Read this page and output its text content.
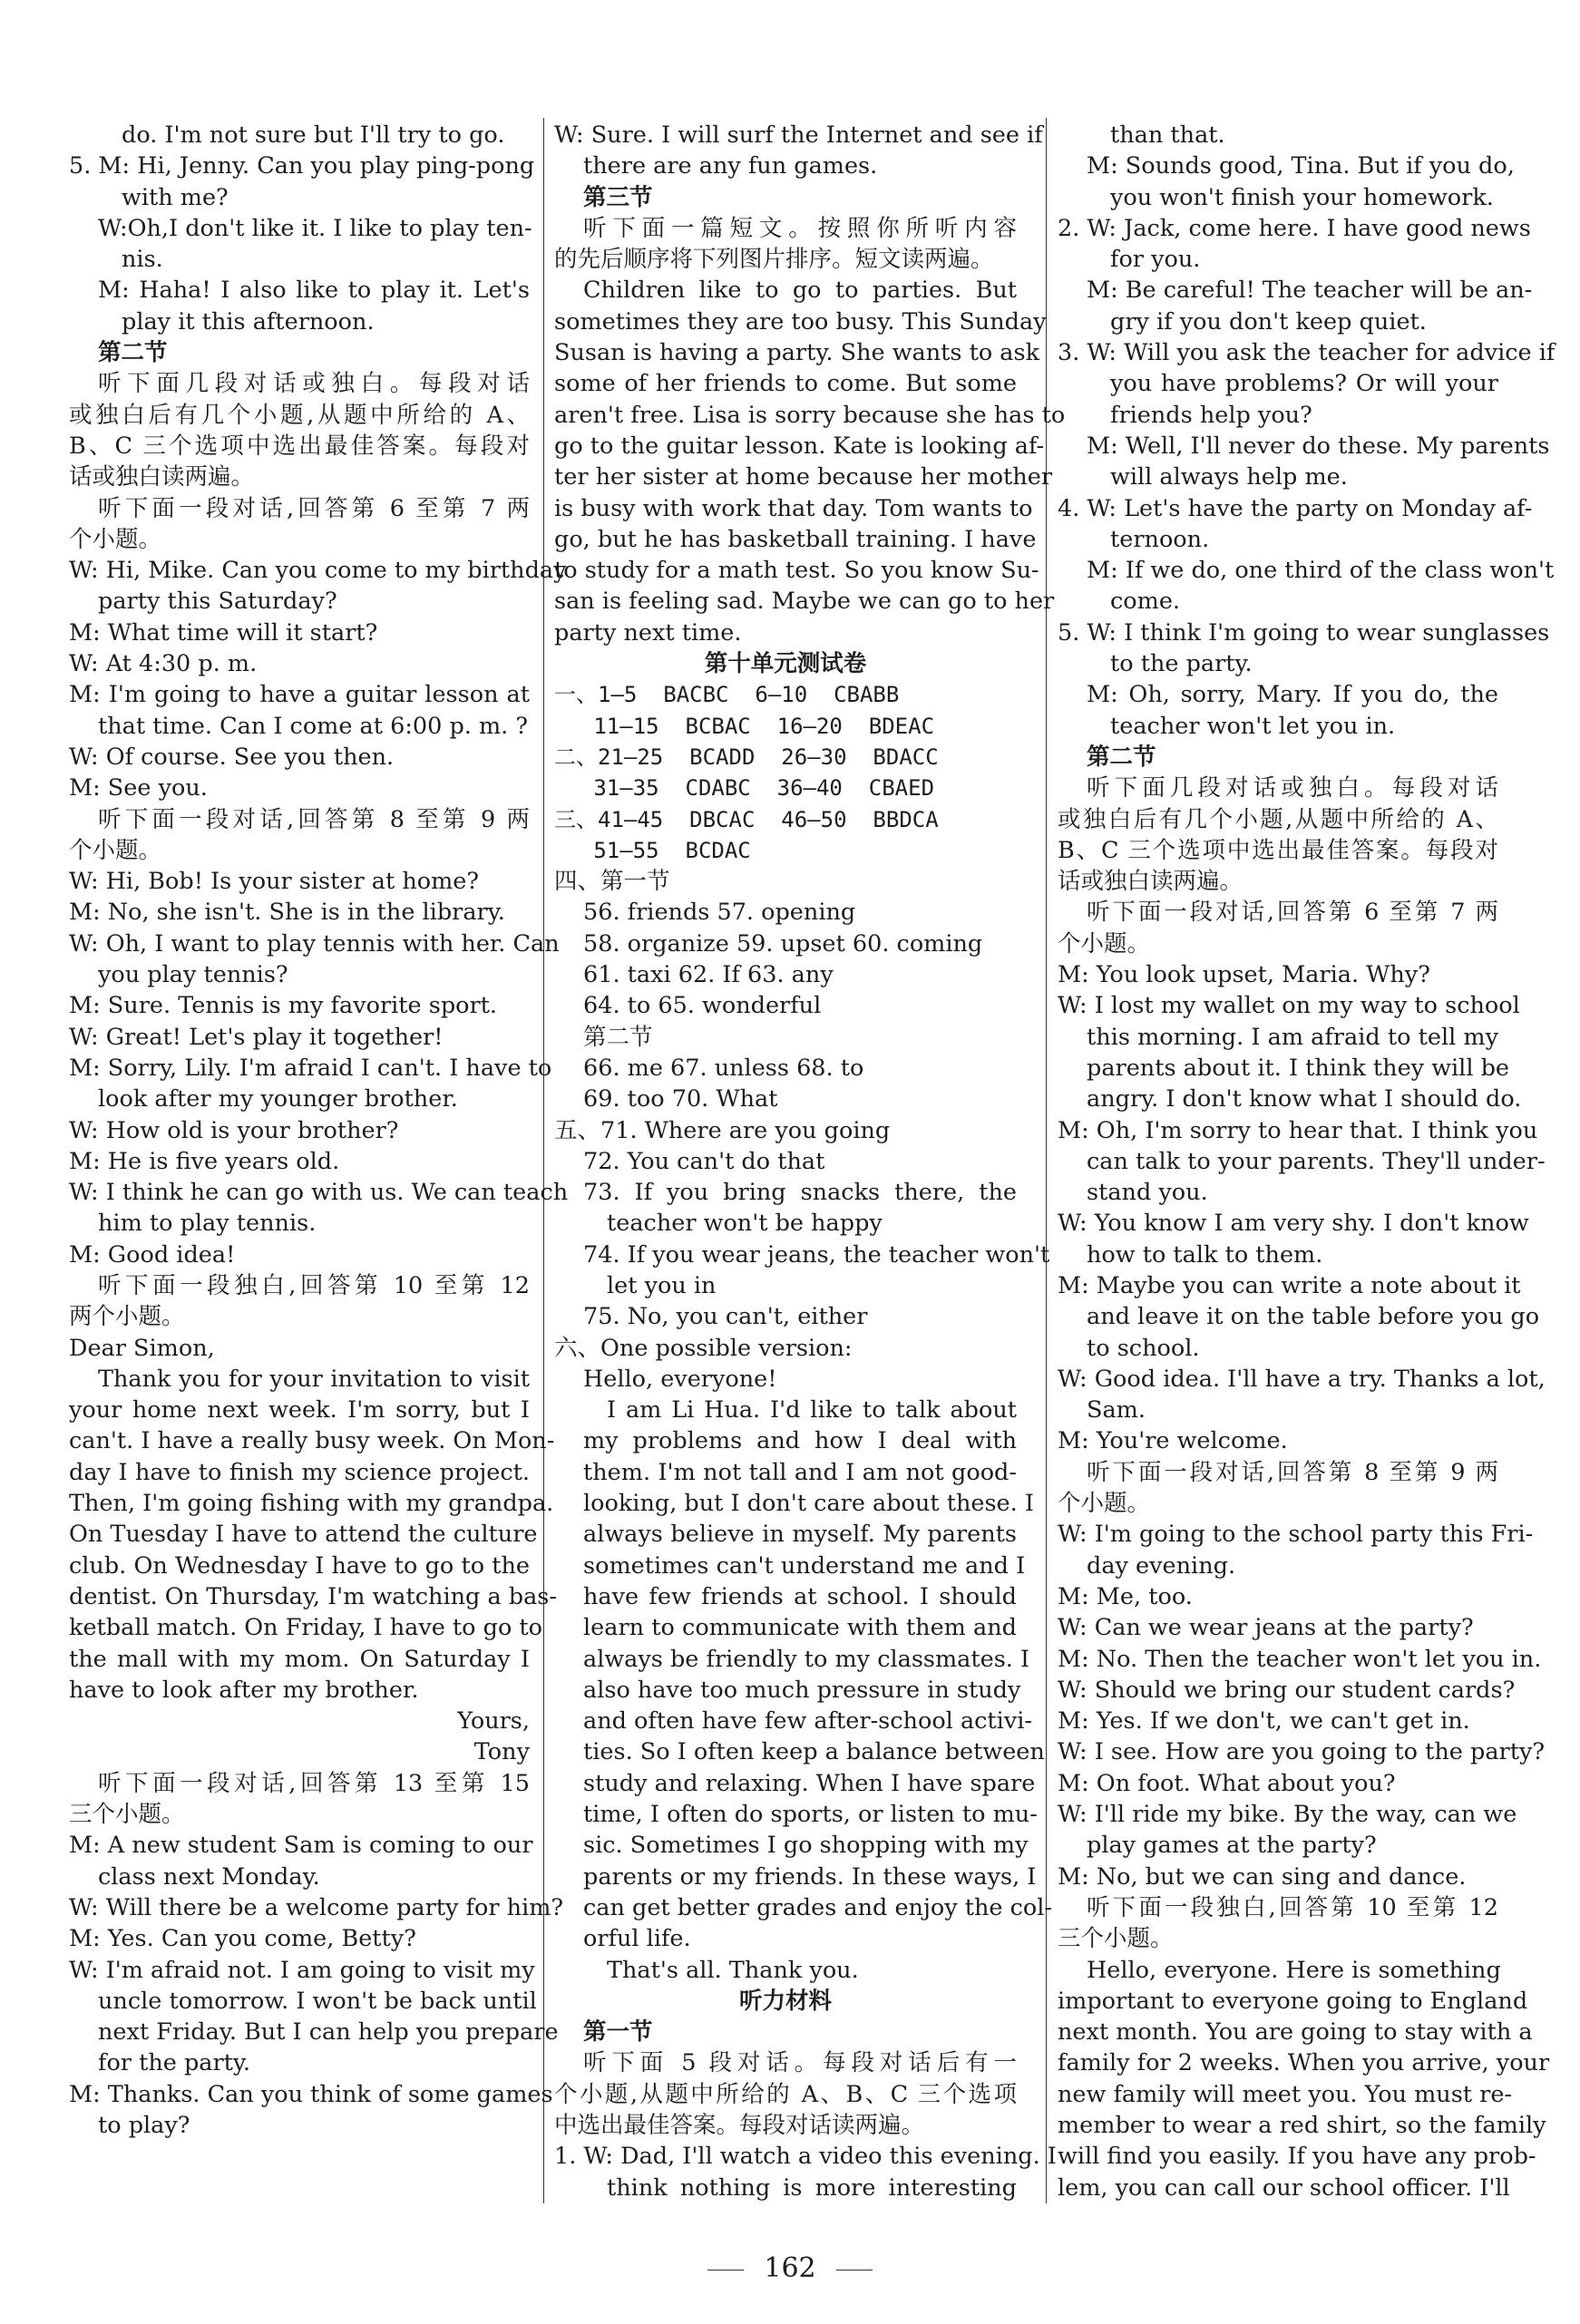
do. I'm not sure but I'll try to go.
5. M: Hi, Jenny. Can you play ping-pong
with me?
W:Oh,I don't like it. I like to play ten-
nis.
M: Haha! I also like to play it. Let's
play it this afternoon.
第二节
听下面几段对话或独白。每段对话
或独白后有几个小题,从题中所给的 A、
B、C 三个选项中选出最佳答案。每段对
话或独白读两遍。
听下面一段对话,回答第 6 至第 7 两
个小题。
W: Hi, Mike. Can you come to my birthday
party this Saturday?
M: What time will it start?
W: At 4:30 p. m.
M: I'm going to have a guitar lesson at
that time. Can I come at 6:00 p. m. ?
W: Of course. See you then.
M: See you.
听下面一段对话,回答第 8 至第 9 两
个小题。
W: Hi, Bob! Is your sister at home?
M: No, she isn't. She is in the library.
W: Oh, I want to play tennis with her. Can
you play tennis?
M: Sure. Tennis is my favorite sport.
W: Great! Let's play it together!
M: Sorry, Lily. I'm afraid I can't. I have to
look after my younger brother.
W: How old is your brother?
M: He is five years old.
W: I think he can go with us. We can teach
him to play tennis.
M: Good idea!
听下面一段独白,回答第 10 至第 12
两个小题。
Dear Simon,
Thank you for your invitation to visit
your home next week. I'm sorry, but I
can't. I have a really busy week. On Mon-
day I have to finish my science project.
Then, I'm going fishing with my grandpa.
On Tuesday I have to attend the culture
club. On Wednesday I have to go to the
dentist. On Thursday, I'm watching a bas-
ketball match. On Friday, I have to go to
the mall with my mom. On Saturday I
have to look after my brother.
Yours,
Tony
听下面一段对话,回答第 13 至第 15
三个小题。
M: A new student Sam is coming to our
class next Monday.
W: Will there be a welcome party for him?
M: Yes. Can you come, Betty?
W: I'm afraid not. I am going to visit my
uncle tomorrow. I won't be back until
next Friday. But I can help you prepare
for the party.
M: Thanks. Can you think of some games
to play?
W: Sure. I will surf the Internet and see if
there are any fun games.
第三节
听下面一篇短文。按照你所听内容
的先后顺序将下列图片排序。短文读两遍。
Children like to go to parties. But
sometimes they are too busy. This Sunday
Susan is having a party. She wants to ask
some of her friends to come. But some
aren't free. Lisa is sorry because she has to
go to the guitar lesson. Kate is looking af-
ter her sister at home because her mother
is busy with work that day. Tom wants to
go, but he has basketball training. I have
to study for a math test. So you know Su-
san is feeling sad. Maybe we can go to her
party next time.
第十单元测试卷
一、1—5  BACBC  6—10  CBABB
11—15  BCBAC  16—20  BDEAC
二、21—25  BCADD  26—30  BDACC
31—35  CDABC  36—40  CBAED
三、41—45  DBCAC  46—50  BBDCA
51—55  BCDAC
四、第一节
56. friends 57. opening
58. organize 59. upset 60. coming
61. taxi 62. If 63. any
64. to 65. wonderful
第二节
66. me 67. unless 68. to
69. too 70. What
五、71. Where are you going
72. You can't do that
73. If you bring snacks there, the
teacher won't be happy
74. If you wear jeans, the teacher won't
let you in
75. No, you can't, either
六、One possible version:
Hello, everyone!
I am Li Hua. I'd like to talk about
my problems and how I deal with
them. I'm not tall and I am not good-
looking, but I don't care about these. I
always believe in myself. My parents
sometimes can't understand me and I
have few friends at school. I should
learn to communicate with them and
always be friendly to my classmates. I
also have too much pressure in study
and often have few after-school activi-
ties. So I often keep a balance between
study and relaxing. When I have spare
time, I often do sports, or listen to mu-
sic. Sometimes I go shopping with my
parents or my friends. In these ways, I
can get better grades and enjoy the col-
orful life.
That's all. Thank you.
听力材料
第一节
听下面 5 段对话。每段对话后有一
个小题,从题中所给的 A、B、C 三个选项
中选出最佳答案。每段对话读两遍。
1. W: Dad, I'll watch a video this evening. I
think nothing is more interesting
than that.
M: Sounds good, Tina. But if you do,
you won't finish your homework.
2. W: Jack, come here. I have good news
for you.
M: Be careful! The teacher will be an-
gry if you don't keep quiet.
3. W: Will you ask the teacher for advice if
you have problems? Or will your
friends help you?
M: Well, I'll never do these. My parents
will always help me.
4. W: Let's have the party on Monday af-
ternoon.
M: If we do, one third of the class won't
come.
5. W: I think I'm going to wear sunglasses
to the party.
M: Oh, sorry, Mary. If you do, the
teacher won't let you in.
第二节
听下面几段对话或独白。每段对话
或独白后有几个小题,从题中所给的 A、
B、C 三个选项中选出最佳答案。每段对
话或独白读两遍。
听下面一段对话,回答第 6 至第 7 两
个小题。
M: You look upset, Maria. Why?
W: I lost my wallet on my way to school
this morning. I am afraid to tell my
parents about it. I think they will be
angry. I don't know what I should do.
M: Oh, I'm sorry to hear that. I think you
can talk to your parents. They'll under-
stand you.
W: You know I am very shy. I don't know
how to talk to them.
M: Maybe you can write a note about it
and leave it on the table before you go
to school.
W: Good idea. I'll have a try. Thanks a lot,
Sam.
M: You're welcome.
听下面一段对话,回答第 8 至第 9 两
个小题。
W: I'm going to the school party this Fri-
day evening.
M: Me, too.
W: Can we wear jeans at the party?
M: No. Then the teacher won't let you in.
W: Should we bring our student cards?
M: Yes. If we don't, we can't get in.
W: I see. How are you going to the party?
M: On foot. What about you?
W: I'll ride my bike. By the way, can we
play games at the party?
M: No, but we can sing and dance.
听下面一段独白,回答第 10 至第 12
三个小题。
Hello, everyone. Here is something
important to everyone going to England
next month. You are going to stay with a
family for 2 weeks. When you arrive, your
new family will meet you. You must re-
member to wear a red shirt, so the family
will find you easily. If you have any prob-
lem, you can call our school officer. I'll
162
